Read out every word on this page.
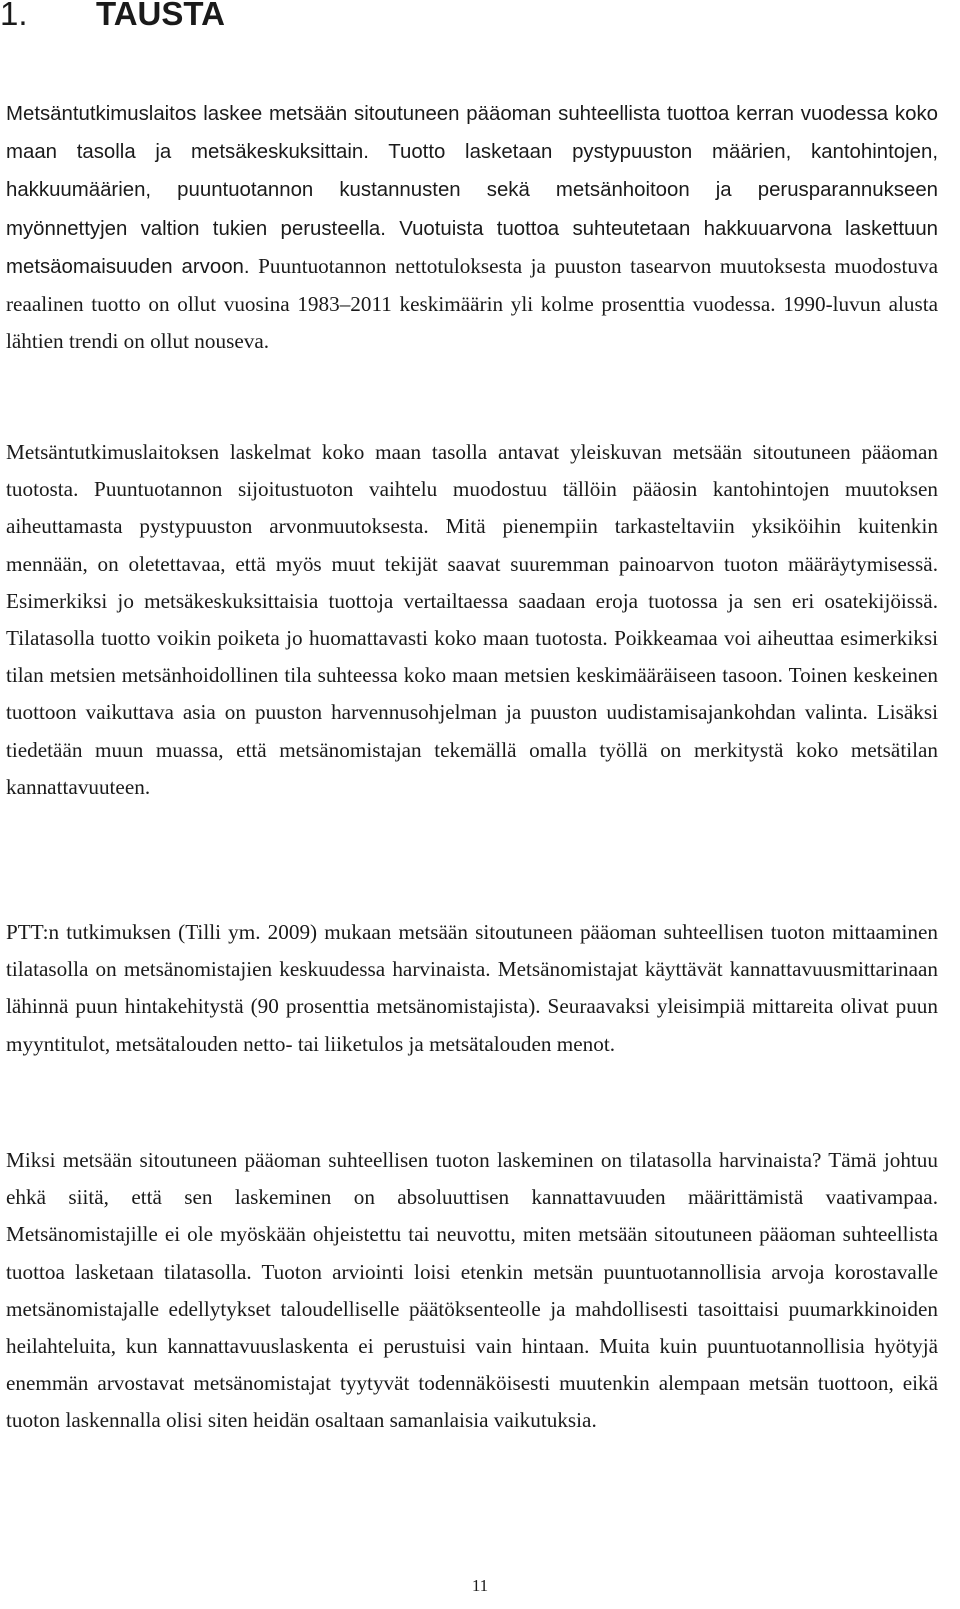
1. TAUSTA

Metsäntutkimuslaitos laskee metsään sitoutuneen pääoman suhteellista tuottoa kerran vuodessa koko maan tasolla ja metsäkeskuksittain. Tuotto lasketaan pystypuuston määrien, kantohintojen, hakkuumäärien, puuntuotannon kustannusten sekä metsänhoitoon ja perusparannukseen myönnettyjen valtion tukien perusteella. Vuotuista tuottoa suhteutetaan hakkuuarvona laskettuun metsäomaisuuden arvoon. Puuntuotannon nettotuloksesta ja puuston tasearvon muutoksesta muodostuva reaalinen tuotto on ollut vuosina 1983–2011 keskimäärin yli kolme prosenttia vuodessa. 1990-luvun alusta lähtien trendi on ollut nouseva.

Metsäntutkimuslaitoksen laskelmat koko maan tasolla antavat yleiskuvan metsään sitoutuneen pääoman tuotosta. Puuntuotannon sijoitustuoton vaihtelu muodostuu tällöin pääosin kantohintojen muutoksen aiheuttamasta pystypuuston arvonmuutoksesta. Mitä pienempiin tarkasteltaviin yksiköihin kuitenkin mennään, on oletettavaa, että myös muut tekijät saavat suuremman painoarvon tuoton määräytymisessä. Esimerkiksi jo metsäkeskuksittaisia tuottoja vertailtaessa saadaan eroja tuotossa ja sen eri osatekijöissä. Tilatasolla tuotto voikin poiketa jo huomattavasti koko maan tuotosta. Poikkeamaa voi aiheuttaa esimerkiksi tilan metsien metsänhoidollinen tila suhteessa koko maan metsien keskimääräiseen tasoon. Toinen keskeinen tuottoon vaikuttava asia on puuston harvennusohjelman ja puuston uudistamisajankohdan valinta. Lisäksi tiedetään muun muassa, että metsänomistajan tekemällä omalla työllä on merkitystä koko metsätilan kannattavuuteen.

PTT:n tutkimuksen (Tilli ym. 2009) mukaan metsään sitoutuneen pääoman suhteellisen tuoton mittaaminen tilatasolla on metsänomistajien keskuudessa harvinaista. Metsänomistajat käyttävät kannattavuusmittarinaan lähinnä puun hintakehitystä (90 prosenttia metsänomistajista). Seuraavaksi yleisimpiä mittareita olivat puun myyntitulot, metsätalouden netto- tai liiketulos ja metsätalouden menot.

Miksi metsään sitoutuneen pääoman suhteellisen tuoton laskeminen on tilatasolla harvinaista? Tämä johtuu ehkä siitä, että sen laskeminen on absoluuttisen kannattavuuden määrittämistä vaativampaa. Metsänomistajille ei ole myöskään ohjeistettu tai neuvottu, miten metsään sitoutuneen pääoman suhteellista tuottoa lasketaan tilatasolla. Tuoton arviointi loisi etenkin metsän puuntuotannollisia arvoja korostavalle metsänomistajalle edellytykset taloudelliselle päätöksenteolle ja mahdollisesti tasoittaisi puumarkkinoiden heilahteluita, kun kannattavuuslaskenta ei perustuisi vain hintaan. Muita kuin puuntuotannollisia hyötyjä enemmän arvostavat metsänomistajat tyytyvät todennäköisesti muutenkin alempaan metsän tuottoon, eikä tuoton laskennalla olisi siten heidän osaltaan samanlaisia vaikutuksia.

11
